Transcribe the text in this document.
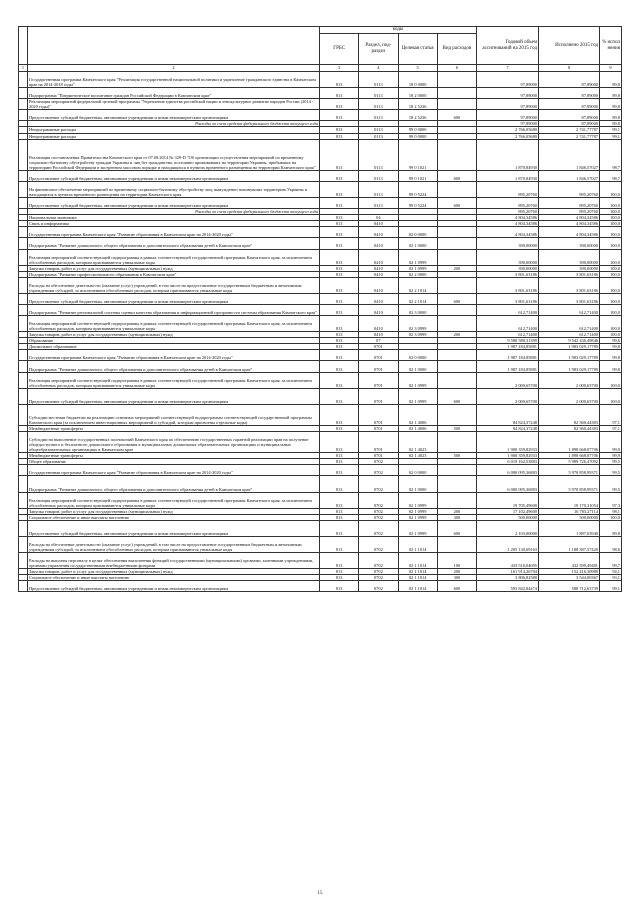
		коды				Годовой объем ассигнований на 2015 год	Исполнено 2015 год	% испол нения
		ГРБС	Раздел, под-раздел	Целевая статья	Вид расходов			
1	2	3	4	5	6	7	8	9
	Государственная программа Камчатского края "Реализация государственной национальной политики и укрепление гражданского единства в Камчатском крае на 2014-2018 годы"	813	0113	18 0 0000		97,89000	87,89000	89,8
	Подпрограмма "Патриотическое воспитание граждан Российской Федерации в Камчатском крае"	813	0113	18 2 0000		97,89000	87,89000	89,8
	Реализация мероприятий федеральной целевой программы "Укрепление единства российской нации и этнокультурное развитие народов России (2014 - 2020 годы)"	813	0113	18 2 5236		97,89000	87,89000	89,8
	Предоставление субсидий бюджетным, автономным учреждениям и иным некоммерческим организациям	813	0113	18 2 5236	600	97,89000	87,89000	89,8
	Расходы за счет средств федерального бюджета текущего года					97,89000	87,89000	89,8
	Непрограммные расходы	813	0113	99 0 0000		2 766,05680	2 741,77787	99,1
	Непрограммные расходы	813	0113	99 0 0000		2 766,05680	2 741,77787	99,1
	Реализация постановления Правительства Камчатского края от 07.08.2014 № 329-П "Об организации осуществления мероприятий по временному социально-бытовому обустройству граждан Украины и лиц без гражданства, постоянно проживавших на территории Украины, прибывших на территорию Российской Федерации в экстренном массовом порядке и находящихся в пунктах временного размещения на территории Камчатского края"	813	0113	99 0 1021		1 870,84930	1 846,57027	98,7
	Предоставление субсидий бюджетным, автономным учреждениям и иным некоммерческим организациям	813	0113	99 0 1021	600	1 870,84930	1 846,57027	98,7
	На финансовое обеспечение мероприятий по временному социально-бытовому обустройству лиц, вынужденно покинувших территорию Украины и находящихся в пунктах временного размещения на территории Камчатского края	813	0113	99 0 5224		895,20760	895,20760	100,0
	Предоставление субсидий бюджетным, автономным учреждениям и иным некоммерческим организациям	813	0113	99 0 5224	600	895,20760	895,20760	100,0
	Расходы за счет средств федерального бюджета текущего года					895,20760	895,20760	100,0
	Национальная экономика	813	04			4 804,34586	4 804,34586	100,0
	Связь и информатика	813	0410			4 804,34586	4 804,34586	100,0
	Государственная программа Камчатского края "Развитие образования в Камчатском крае на 2014-2020 годы"	813	0410	02 0 0000		4 804,34586	4 804,34586	100,0
	Подпрограмма "Развитие дошкольного, общего образования и дополнительного образования детей в Камчатском крае"	813	0410	02 1 0000		390,00000	390,00000	100,0
	Реализация мероприятий соответствующей подпрограммы в рамках соответствующей государственной программы Камчатского края, за исключением обособленных расходов, которым присваиваются уникальные коды	813	0410	02 1 0999		390,00000	390,00000	100,0
	Закупка товаров, работ и услуг для государственных (муниципальных) нужд	813	0410	02 1 0999	200	390,00000	390,00000	100,0
	Подпрограмма "Развитие профессионального образования в Камчатском крае"	813	0410	02 2 0000		3 801,63186	3 801,63186	100,0
	Расходы на обеспечение деятельности (оказание услуг) учреждений, в том числе на предоставление государственным бюджетным и автономным учреждениям субсидий, за исключением обособленных расходов, которым присваиваются уникальные коды	813	0410	02 2 1014		3 801,63186	3 801,63186	100,0
	Предоставление субсидий бюджетным, автономным учреждениям и иным некоммерческим организациям	813	0410	02 2 1014	600	3 801,63186	3 801,63186	100,0
	Подпрограмма "Развитие региональной системы оценки качества образования и информационной прозрачности системы образования Камчатского края"	813	0410	02 3 0000		612,71400	612,71400	100,0
	Реализация мероприятий соответствующей подпрограммы в рамках соответствующей государственной программы Камчатского края, за исключением обособленных расходов, которым присваиваются уникальные коды	813	0410	02 3 0999		612,71400	612,71400	100,0
	Закупка товаров, работ и услуг для государственных (муниципальных) нужд	813	0410	02 3 0999	200	612,71400	612,71400	100,0
	Образование	813	07			9 580 580,31399	9 542 436,49846	99,6
	Дошкольное образование	813	0701			1 987 184,85881	1 983 029,17789	99,8
	Государственная программа Камчатского края "Развитие образования в Камчатском крае на 2014-2020 годы"	813	0701	02 0 0000		1 987 184,85881	1 983 029,17789	99,8
	Подпрограмма "Развитие дошкольного, общего образования и дополнительного образования детей в Камчатском крае"	813	0701	02 1 0000		1 987 184,85881	1 983 029,17789	99,8
	Реализация мероприятий соответствующей подпрограммы в рамках соответствующей государственной программы Камчатского края, за исключением обособленных расходов, которым присваиваются уникальные коды	813	0701	02 1 0999		2 000,65700	2 000,65700	100,0
	Предоставление субсидий бюджетным, автономным учреждениям и иным некоммерческим организациям	813	0701	02 1 0999	600	2 000,65700	2 000,65700	100,0
	Субсидии местным бюджетам на реализацию основных мероприятий соответствующей подпрограммы соответствующей государственной программы Камчатского края (за исключением инвестиционных мероприятий и субсидий, которым присвоены отдельные коды)	813	0701	02 1 4006		84 824,37248	82 360,44383	97,1
	Межбюджетные трансферты	813	0701	02 1 4006	500	84 824,37248	82 360,44383	97,1
	Субсидии на выполнение государственных полномочий Камчатского края по обеспечению государственных гарантий реализации прав на получение общедоступного и бесплатного дошкольного образования в муниципальных дошкольных образовательных организациях и муниципальных общеобразовательных организациях в Камчатском крае	813	0701	02 1 4023		1 900 359,82933	1 898 668,07706	99,9
	Межбюджетные трансферты	813	0701	02 1 4023	500	1 900 359,82933	1 898 668,07706	99,9
	Общее образование	813	0702			6 019 162,53883	5 989 726,47092	99,5
	Государственная программа Камчатского края "Развитие образования в Камчатском крае на 2014-2020 годы"	813	0702	02 0 0000		6 000 095,36883	5 970 858,99371	99,5
	Подпрограмма "Развитие дошкольного, общего образования и дополнительного образования детей в Камчатском крае"	813	0702	02 1 0000		6 000 095,36883	5 970 858,99371	99,5
	Реализация мероприятий соответствующей подпрограммы в рамках соответствующей государственной программы Камчатского края, за исключением обособленных расходов, которым присваиваются уникальные коды	813	0702	02 1 0999		19 705,49600	19 170,31054	97,3
	Закупка товаров, работ и услуг для государственных (муниципальных) нужд	813	0702	02 1 0999	200	17 102,49600	16 783,27114	98,1
	Социальное обеспечение и иные выплаты населению	813	0702	02 1 0999	300	500,00000	500,00000	100,0
	Предоставление субсидий бюджетным, автономным учреждениям и иным некоммерческим организациям	813	0702	02 1 0999	600	2 103,00000	1 887,03940	89,8
	Расходы на обеспечение деятельности (оказание услуг) учреждений, в том числе на предоставление государственным бюджетным и автономным учреждениям субсидий, за исключением обособленных расходов, которым присваиваются уникальные коды	813	0702	02 1 1014		1 205 130,69163	1 188 387,57420	98,6
	Расходы на выплаты персоналу в целях обеспечения выполнения функций государственными (муниципальными) органами, казенными учреждениями, органами управления государственными внебюджетными фондами	813	0702	02 1 1014	100	433 510,04695	432 599,49481	99,7
	Закупка товаров, работ и услуг для государственных (муниципальных) нужд	813	0702	02 1 1014	200	161 914,26704	152 416,30980	94,1
	Социальное обеспечение и иные выплаты населению	813	0702	02 1 1014	300	3 806,82580	3 544,00367	93,1
	Предоставление субсидий бюджетным, автономным учреждениям и иным некоммерческим организациям	813	0702	02 1 1014	600	593 842,84474	588 712,63739	99,1
15
